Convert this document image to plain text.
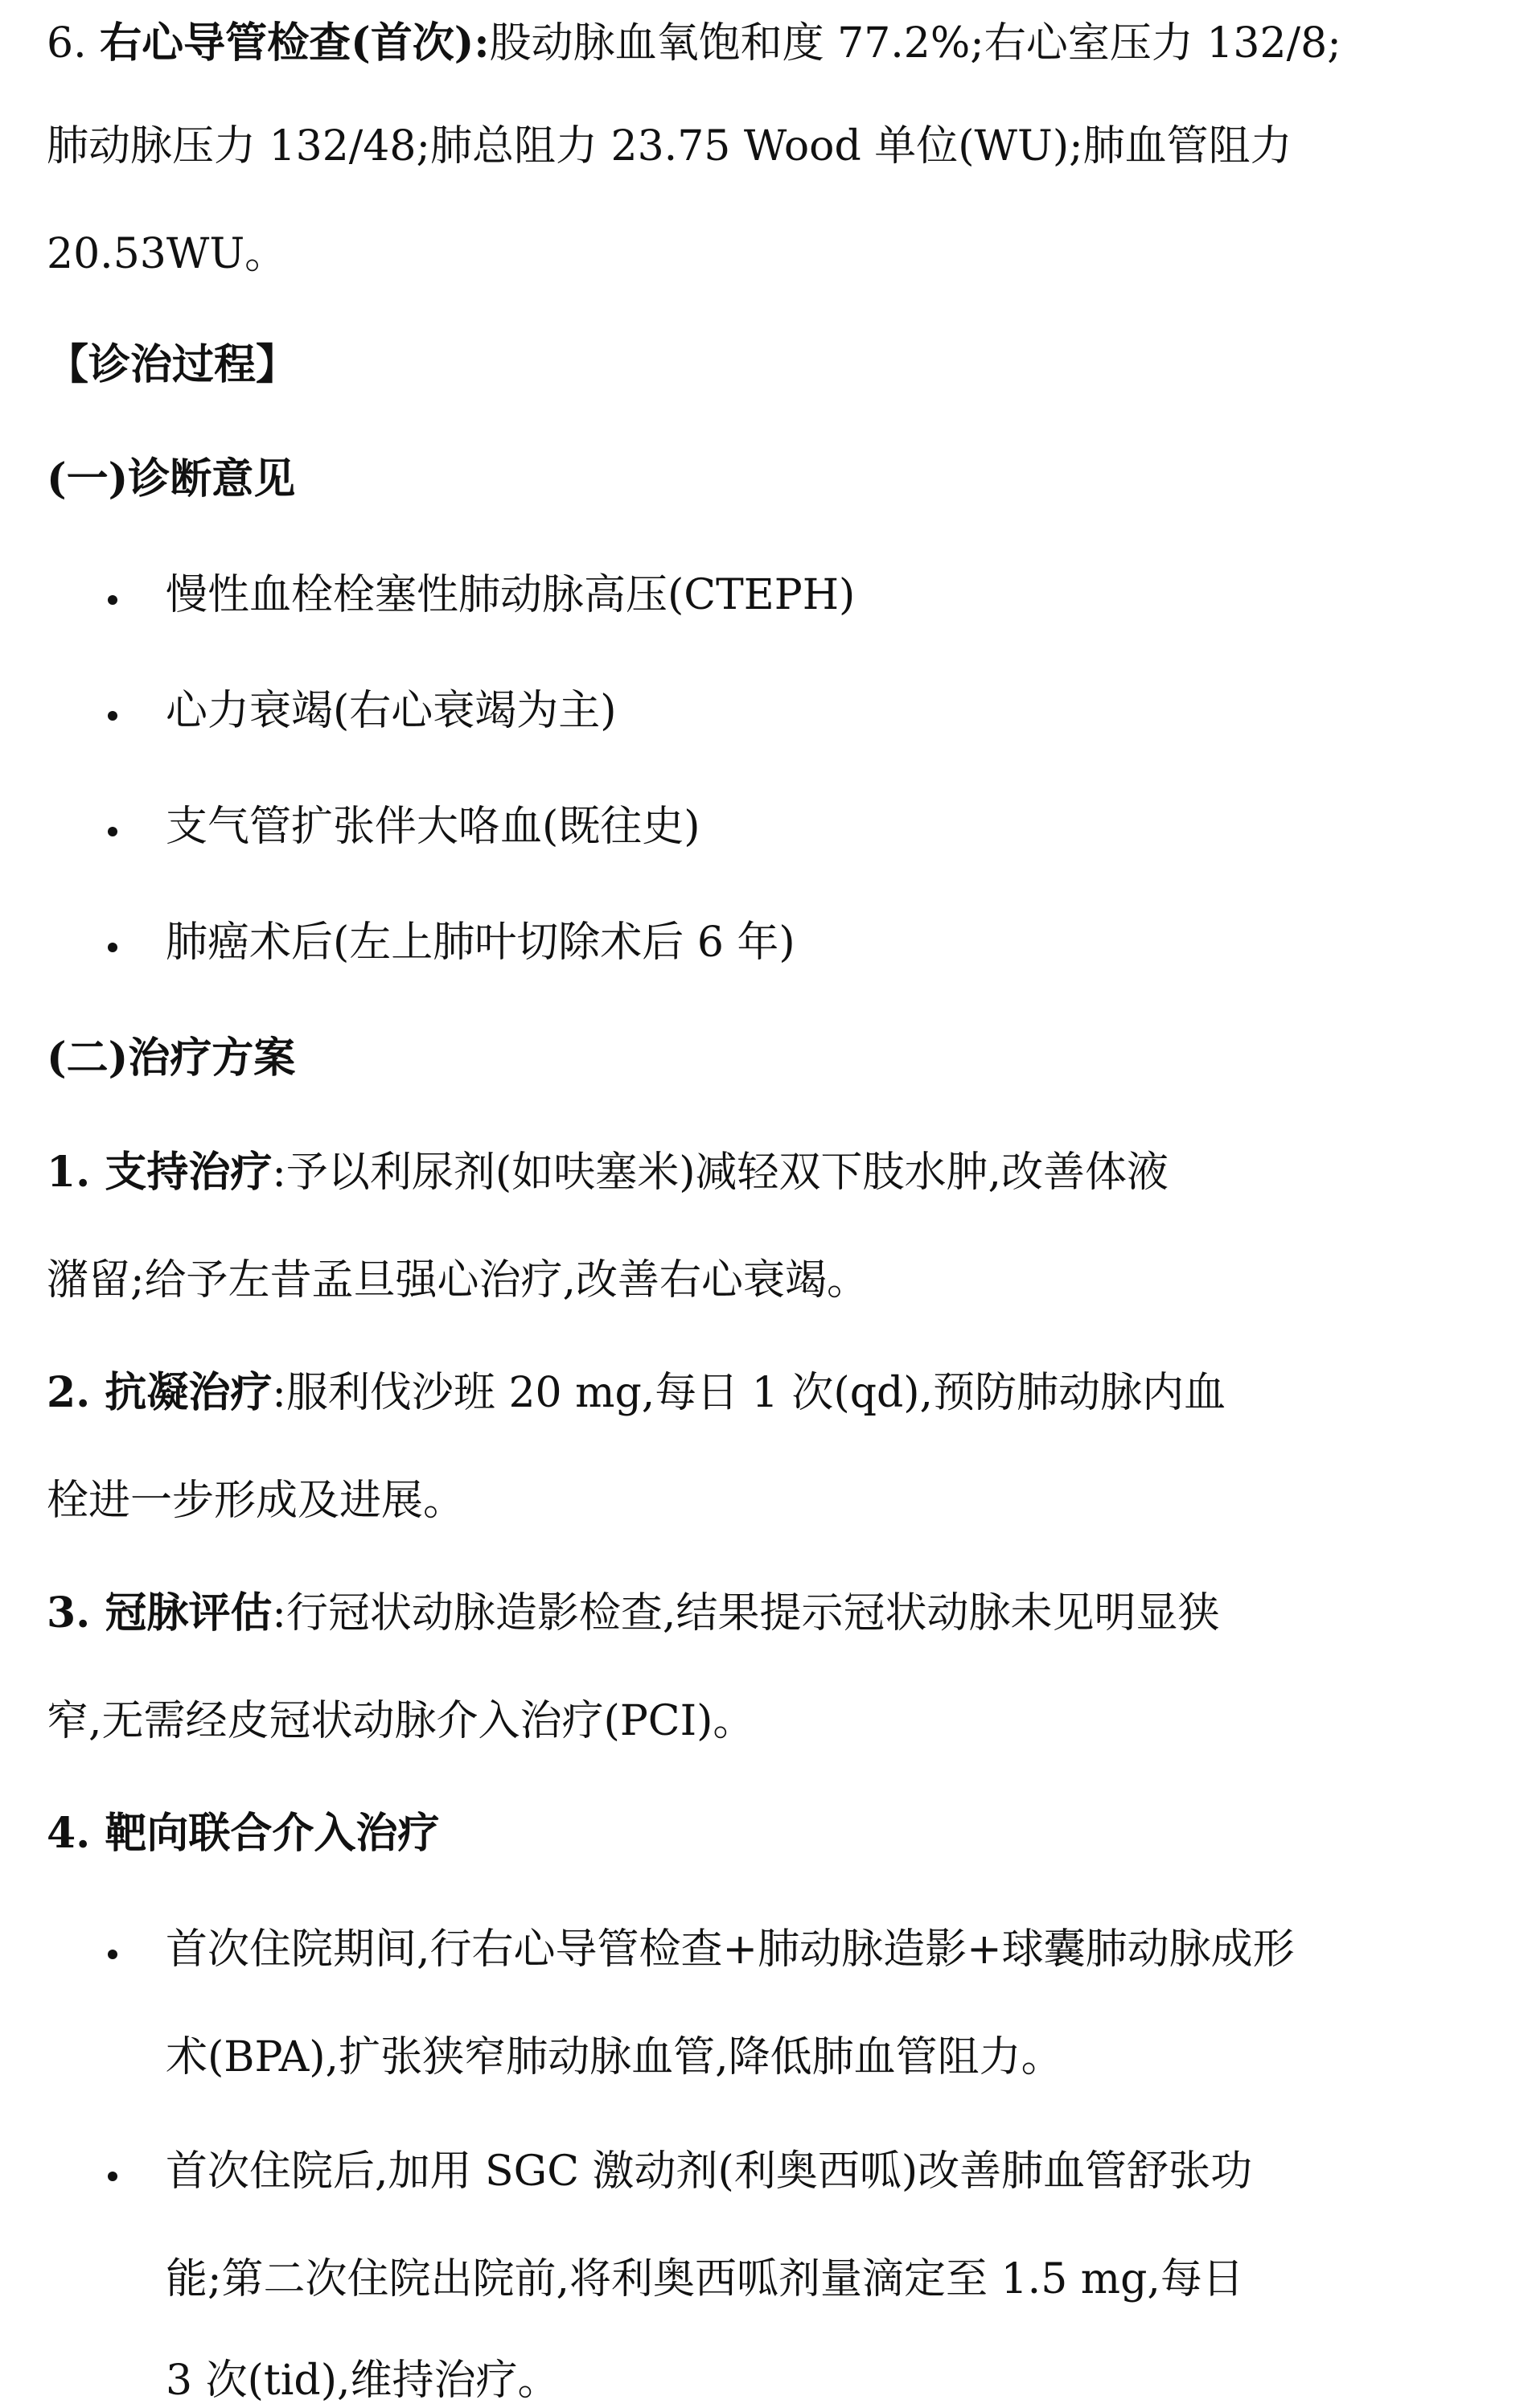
6. 右心导管检查(首次):股动脉血氧饱和度 77.2%;右心室压力 132/8;
肺动脉压力 132/48;肺总阻力 23.75 Wood 单位(WU);肺血管阻力
20.53WU。
【诊治过程】
(一)诊断意见
慢性血栓栓塞性肺动脉高压(CTEPH)
心力衰竭(右心衰竭为主)
支气管扩张伴大咯血(既往史)
肺癌术后(左上肺叶切除术后 6 年)
(二)治疗方案
1. 支持治疗:予以利尿剂(如呋塞米)减轻双下肢水肿,改善体液
潴留;给予左昔孟旦强心治疗,改善右心衰竭。
2. 抗凝治疗:服利伐沙班 20 mg,每日 1 次(qd),预防肺动脉内血
栓进一步形成及进展。
3. 冠脉评估:行冠状动脉造影检查,结果提示冠状动脉未见明显狭
窄,无需经皮冠状动脉介入治疗(PCI)。
4. 靶向联合介入治疗
首次住院期间,行右心导管检查+肺动脉造影+球囊肺动脉成形
术(BPA),扩张狭窄肺动脉血管,降低肺血管阻力。
首次住院后,加用 SGC 激动剂(利奥西呱)改善肺血管舒张功
能;第二次住院出院前,将利奥西呱剂量滴定至 1.5 mg,每日
3 次(tid),维持治疗。
